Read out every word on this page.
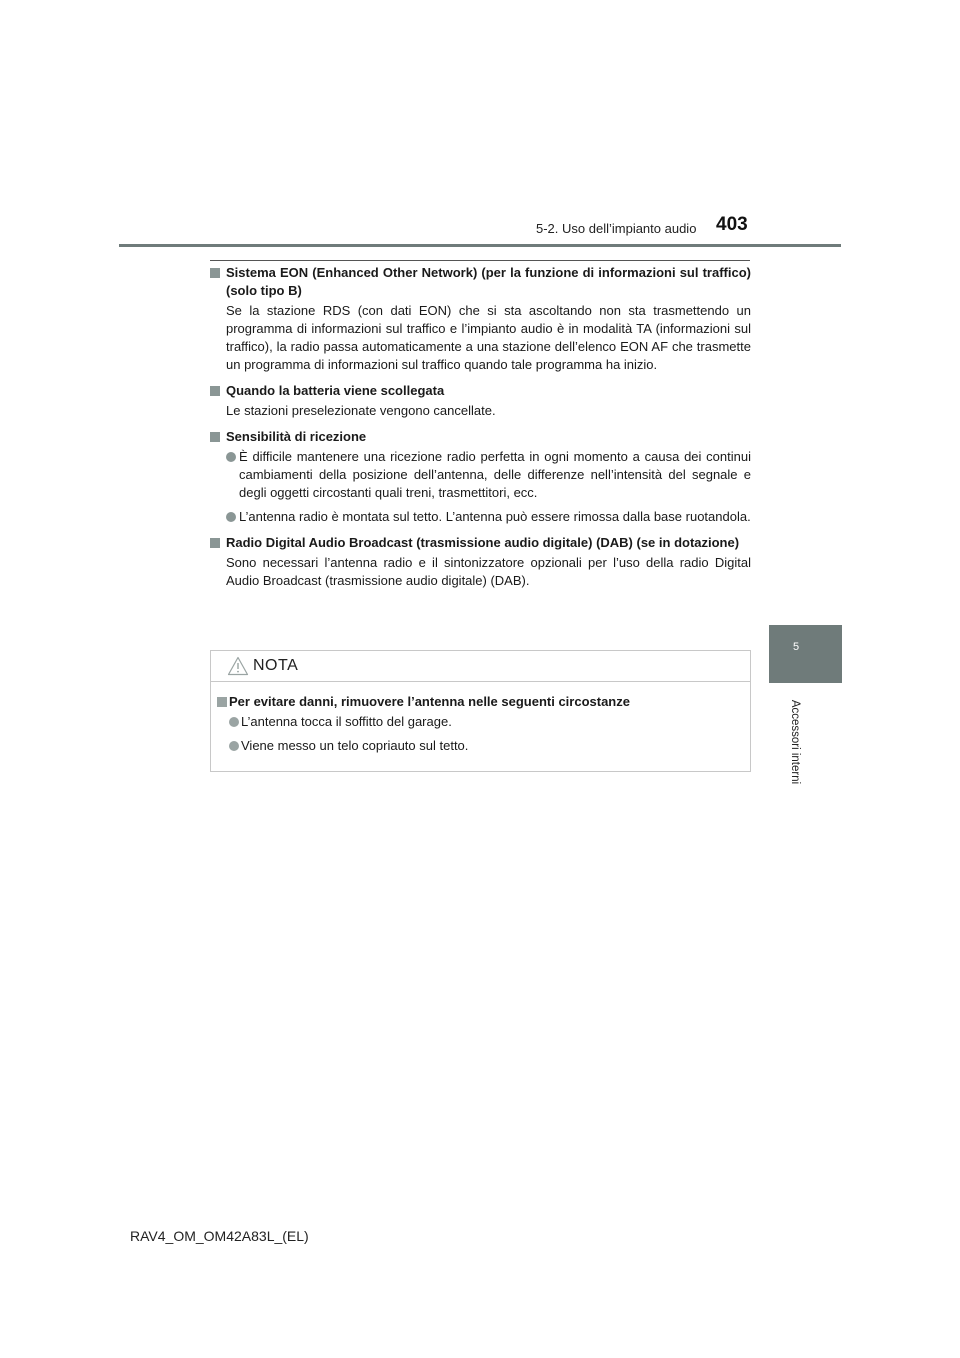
5-2. Uso dell’impianto audio 403
5
Accessori interni
Sistema EON (Enhanced Other Network) (per la funzione di informazioni sul traffico) (solo tipo B)
Se la stazione RDS (con dati EON) che si sta ascoltando non sta trasmettendo un programma di informazioni sul traffico e l’impianto audio è in modalità TA (informazioni sul traffico), la radio passa automaticamente a una stazione dell’elenco EON AF che trasmette un programma di informazioni sul traffico quando tale programma ha inizio.
Quando la batteria viene scollegata
Le stazioni preselezionate vengono cancellate.
Sensibilità di ricezione
È difficile mantenere una ricezione radio perfetta in ogni momento a causa dei continui cambiamenti della posizione dell’antenna, delle differenze nell’intensità del segnale e degli oggetti circostanti quali treni, trasmettitori, ecc.
L’antenna radio è montata sul tetto. L’antenna può essere rimossa dalla base ruotandola.
Radio Digital Audio Broadcast (trasmissione audio digitale) (DAB) (se in dotazione)
Sono necessari l’antenna radio e il sintonizzatore opzionali per l’uso della radio Digital Audio Broadcast (trasmissione audio digitale) (DAB).
NOTA
Per evitare danni, rimuovere l’antenna nelle seguenti circostanze
L’antenna tocca il soffitto del garage.
Viene messo un telo copriauto sul tetto.
RAV4_OM_OM42A83L_(EL)
